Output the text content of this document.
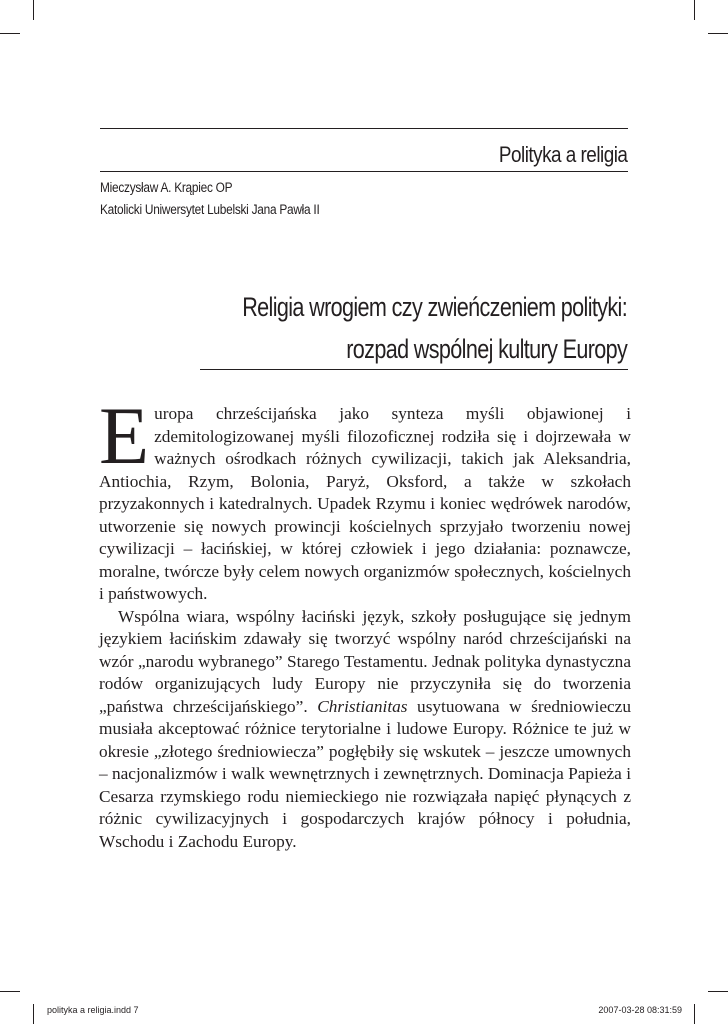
Polityka a religia
Mieczysław A. Krąpiec OP
Katolicki Uniwersytet Lubelski Jana Pawła II
Religia wrogiem czy zwieńczeniem polityki:
rozpad wspólnej kultury Europy

Europa chrześcijańska jako synteza myśli objawionej i zdemitologizowanej myśli filozoficznej rodziła się i dojrzewała w ważnych ośrodkach różnych cywilizacji, takich jak Aleksandria, Antiochia, Rzym, Bolonia, Paryż, Oksford, a także w szkołach przyzakonnych i katedralnych. Upadek Rzymu i koniec wędrówek narodów, utworzenie się nowych prowincji kościelnych sprzyjało tworzeniu nowej cywilizacji – łacińskiej, w której człowiek i jego działania: poznawcze, moralne, twórcze były celem nowych organizmów społecznych, kościelnych i państwowych.

Wspólna wiara, wspólny łaciński język, szkoły posługujące się jednym językiem łacińskim zdawały się tworzyć wspólny naród chrześcijański na wzór „narodu wybranego” Starego Testamentu. Jednak polityka dynastyczna rodów organizujących ludy Europy nie przyczyniła się do tworzenia „państwa chrześcijańskiego”. Christianitas usytuowana w średniowieczu musiała akceptować różnice terytorialne i ludowe Europy. Różnice te już w okresie „złotego średniowiecza” pogłębiły się wskutek – jeszcze umownych – nacjonalizmów i walk wewnętrznych i zewnętrznych. Dominacja Papieża i Cesarza rzymskiego rodu niemieckiego nie rozwiązała napięć płynących z różnic cywilizacyjnych i gospodarczych krajów północy i południa, Wschodu i Zachodu Europy.

polityka a religia.indd 7	2007-03-28 08:31:59
